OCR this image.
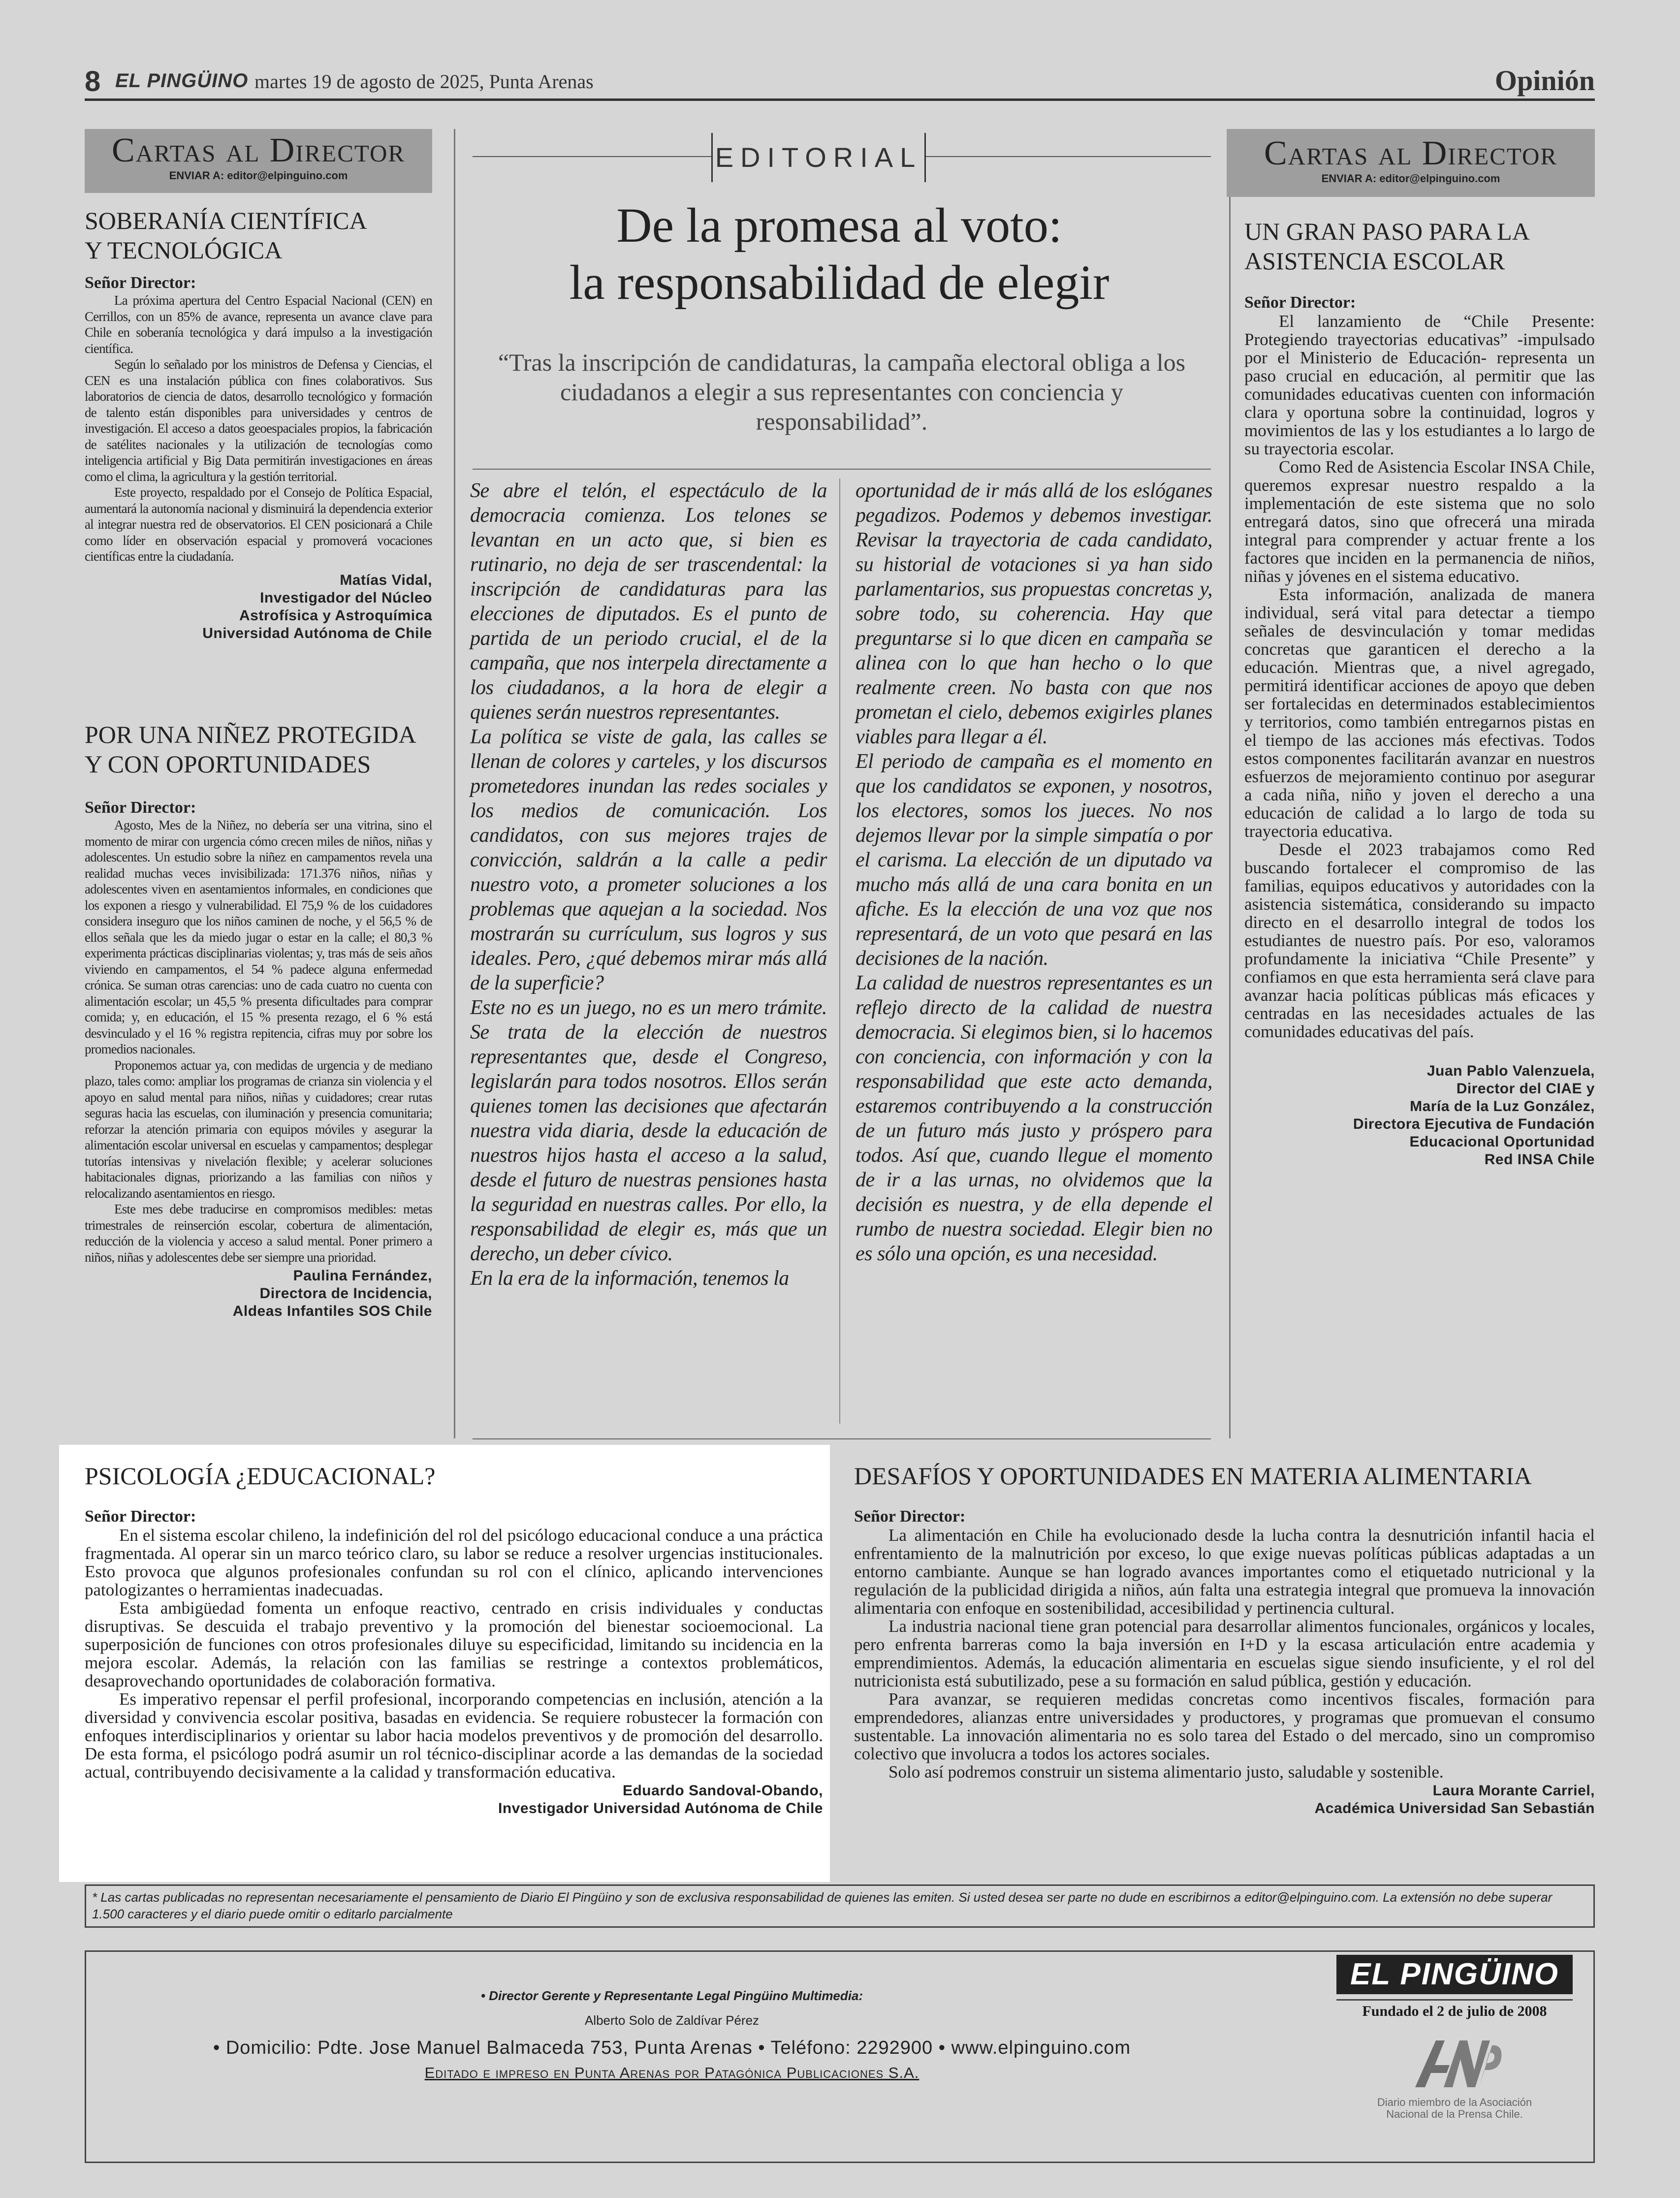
8 EL PINGÜINO martes 19 de agosto de 2025, Punta Arenas	Opinión
Cartas al Director
ENVIAR A: editor@elpinguino.com
SOBERANÍA CIENTÍFICA
Y TECNOLÓGICA
Señor Director:

La próxima apertura del Centro Espacial Nacional (CEN) en Cerrillos, con un 85% de avance, representa un avance clave para Chile en soberanía tecnológica y dará impulso a la investigación científica.

Según lo señalado por los ministros de Defensa y Ciencias, el CEN es una instalación pública con fines colaborativos. Sus laboratorios de ciencia de datos, desarrollo tecnológico y formación de talento están disponibles para universidades y centros de investigación. El acceso a datos geoespaciales propios, la fabricación de satélites nacionales y la utilización de tecnologías como inteligencia artificial y Big Data permitirán investigaciones en áreas como el clima, la agricultura y la gestión territorial.

Este proyecto, respaldado por el Consejo de Política Espacial, aumentará la autonomía nacional y disminuirá la dependencia exterior al integrar nuestra red de observatorios. El CEN posicionará a Chile como líder en observación espacial y promoverá vocaciones científicas entre la ciudadanía.

Matías Vidal,
Investigador del Núcleo
Astrofísica y Astroquímica
Universidad Autónoma de Chile
POR UNA NIÑEZ PROTEGIDA
Y CON OPORTUNIDADES
Señor Director:

Agosto, Mes de la Niñez, no debería ser una vitrina, sino el momento de mirar con urgencia cómo crecen miles de niños, niñas y adolescentes. Un estudio sobre la niñez en campamentos revela una realidad muchas veces invisibilizada: 171.376 niños, niñas y adolescentes viven en asentamientos informales, en condiciones que los exponen a riesgo y vulnerabilidad. El 75,9 % de los cuidadores considera inseguro que los niños caminen de noche, y el 56,5 % de ellos señala que les da miedo jugar o estar en la calle; el 80,3 % experimenta prácticas disciplinarias violentas; y, tras más de seis años viviendo en campamentos, el 54 % padece alguna enfermedad crónica. Se suman otras carencias: uno de cada cuatro no cuenta con alimentación escolar; un 45,5 % presenta dificultades para comprar comida; y, en educación, el 15 % presenta rezago, el 6 % está desvinculado y el 16 % registra repitencia, cifras muy por sobre los promedios nacionales.

Proponemos actuar ya, con medidas de urgencia y de mediano plazo, tales como: ampliar los programas de crianza sin violencia y el apoyo en salud mental para niños, niñas y cuidadores; crear rutas seguras hacia las escuelas, con iluminación y presencia comunitaria; reforzar la atención primaria con equipos móviles y asegurar la alimentación escolar universal en escuelas y campamentos; desplegar tutorías intensivas y nivelación flexible; y acelerar soluciones habitacionales dignas, priorizando a las familias con niños y relocalizando asentamientos en riesgo.

Este mes debe traducirse en compromisos medibles: metas trimestrales de reinserción escolar, cobertura de alimentación, reducción de la violencia y acceso a salud mental. Poner primero a niños, niñas y adolescentes debe ser siempre una prioridad.

Paulina Fernández,
Directora de Incidencia,
Aldeas Infantiles SOS Chile
EDITORIAL
De la promesa al voto:
la responsabilidad de elegir
“Tras la inscripción de candidaturas, la campaña electoral obliga a los ciudadanos a elegir a sus representantes con conciencia y responsabilidad”.

Se abre el telón, el espectáculo de la democracia comienza. Los telones se levantan en un acto que, si bien es rutinario, no deja de ser trascendental: la inscripción de candidaturas para las elecciones de diputados. Es el punto de partida de un periodo crucial, el de la campaña, que nos interpela directamente a los ciudadanos, a la hora de elegir a quienes serán nuestros representantes.

La política se viste de gala, las calles se llenan de colores y carteles, y los discursos prometedores inundan las redes sociales y los medios de comunicación. Los candidatos, con sus mejores trajes de convicción, saldrán a la calle a pedir nuestro voto, a prometer soluciones a los problemas que aquejan a la sociedad. Nos mostrarán su currículum, sus logros y sus ideales. Pero, ¿qué debemos mirar más allá de la superficie?

Este no es un juego, no es un mero trámite. Se trata de la elección de nuestros representantes que, desde el Congreso, legislarán para todos nosotros. Ellos serán quienes tomen las decisiones que afectarán nuestra vida diaria, desde la educación de nuestros hijos hasta el acceso a la salud, desde el futuro de nuestras pensiones hasta la seguridad en nuestras calles. Por ello, la responsabilidad de elegir es, más que un derecho, un deber cívico.

En la era de la información, tenemos la

oportunidad de ir más allá de los eslóganes pegadizos. Podemos y debemos investigar. Revisar la trayectoria de cada candidato, su historial de votaciones si ya han sido parlamentarios, sus propuestas concretas y, sobre todo, su coherencia. Hay que preguntarse si lo que dicen en campaña se alinea con lo que han hecho o lo que realmente creen. No basta con que nos prometan el cielo, debemos exigirles planes viables para llegar a él.

El periodo de campaña es el momento en que los candidatos se exponen, y nosotros, los electores, somos los jueces. No nos dejemos llevar por la simple simpatía o por el carisma. La elección de un diputado va mucho más allá de una cara bonita en un afiche. Es la elección de una voz que nos representará, de un voto que pesará en las decisiones de la nación.

La calidad de nuestros representantes es un reflejo directo de la calidad de nuestra democracia. Si elegimos bien, si lo hacemos con conciencia, con información y con la responsabilidad que este acto demanda, estaremos contribuyendo a la construcción de un futuro más justo y próspero para todos. Así que, cuando llegue el momento de ir a las urnas, no olvidemos que la decisión es nuestra, y de ella depende el rumbo de nuestra sociedad. Elegir bien no es sólo una opción, es una necesidad.

Cartas al Director
ENVIAR A: editor@elpinguino.com
UN GRAN PASO PARA LA
ASISTENCIA ESCOLAR
Señor Director:

El lanzamiento de “Chile Presente: Protegiendo trayectorias educativas” -impulsado por el Ministerio de Educación- representa un paso crucial en educación, al permitir que las comunidades educativas cuenten con información clara y oportuna sobre la continuidad, logros y movimientos de las y los estudiantes a lo largo de su trayectoria escolar.

Como Red de Asistencia Escolar INSA Chile, queremos expresar nuestro respaldo a la implementación de este sistema que no solo entregará datos, sino que ofrecerá una mirada integral para comprender y actuar frente a los factores que inciden en la permanencia de niños, niñas y jóvenes en el sistema educativo.

Esta información, analizada de manera individual, será vital para detectar a tiempo señales de desvinculación y tomar medidas concretas que garanticen el derecho a la educación. Mientras que, a nivel agregado, permitirá identificar acciones de apoyo que deben ser fortalecidas en determinados establecimientos y territorios, como también entregarnos pistas en el tiempo de las acciones más efectivas. Todos estos componentes facilitarán avanzar en nuestros esfuerzos de mejoramiento continuo por asegurar a cada niña, niño y joven el derecho a una educación de calidad a lo largo de toda su trayectoria educativa.

Desde el 2023 trabajamos como Red buscando fortalecer el compromiso de las familias, equipos educativos y autoridades con la asistencia sistemática, considerando su impacto directo en el desarrollo integral de todos los estudiantes de nuestro país. Por eso, valoramos profundamente la iniciativa “Chile Presente” y confiamos en que esta herramienta será clave para avanzar hacia políticas públicas más eficaces y centradas en las necesidades actuales de las comunidades educativas del país.

Juan Pablo Valenzuela,
Director del CIAE y
María de la Luz González,
Directora Ejecutiva de Fundación
Educacional Oportunidad
Red INSA Chile
PSICOLOGÍA ¿EDUCACIONAL?
Señor Director:

En el sistema escolar chileno, la indefinición del rol del psicólogo educacional conduce a una práctica fragmentada. Al operar sin un marco teórico claro, su labor se reduce a resolver urgencias institucionales. Esto provoca que algunos profesionales confundan su rol con el clínico, aplicando intervenciones patologizantes o herramientas inadecuadas.

Esta ambigüedad fomenta un enfoque reactivo, centrado en crisis individuales y conductas disruptivas. Se descuida el trabajo preventivo y la promoción del bienestar socioemocional. La superposición de funciones con otros profesionales diluye su especificidad, limitando su incidencia en la mejora escolar. Además, la relación con las familias se restringe a contextos problemáticos, desaprovechando oportunidades de colaboración formativa.

Es imperativo repensar el perfil profesional, incorporando competencias en inclusión, atención a la diversidad y convivencia escolar positiva, basadas en evidencia. Se requiere robustecer la formación con enfoques interdisciplinarios y orientar su labor hacia modelos preventivos y de promoción del desarrollo. De esta forma, el psicólogo podrá asumir un rol técnico-disciplinar acorde a las demandas de la sociedad actual, contribuyendo decisivamente a la calidad y transformación educativa.

Eduardo Sandoval-Obando,
Investigador Universidad Autónoma de Chile
DESAFÍOS Y OPORTUNIDADES EN MATERIA ALIMENTARIA
Señor Director:

La alimentación en Chile ha evolucionado desde la lucha contra la desnutrición infantil hacia el enfrentamiento de la malnutrición por exceso, lo que exige nuevas políticas públicas adaptadas a un entorno cambiante. Aunque se han logrado avances importantes como el etiquetado nutricional y la regulación de la publicidad dirigida a niños, aún falta una estrategia integral que promueva la innovación alimentaria con enfoque en sostenibilidad, accesibilidad y pertinencia cultural.

La industria nacional tiene gran potencial para desarrollar alimentos funcionales, orgánicos y locales, pero enfrenta barreras como la baja inversión en I+D y la escasa articulación entre academia y emprendimientos. Además, la educación alimentaria en escuelas sigue siendo insuficiente, y el rol del nutricionista está subutilizado, pese a su formación en salud pública, gestión y educación.

Para avanzar, se requieren medidas concretas como incentivos fiscales, formación para emprendedores, alianzas entre universidades y productores, y programas que promuevan el consumo sustentable. La innovación alimentaria no es solo tarea del Estado o del mercado, sino un compromiso colectivo que involucra a todos los actores sociales.

Solo así podremos construir un sistema alimentario justo, saludable y sostenible.

Laura Morante Carriel,
Académica Universidad San Sebastián
* Las cartas publicadas no representan necesariamente el pensamiento de Diario El Pingüino y son de exclusiva responsabilidad de quienes las emiten. Si usted desea ser parte no dude en escribirnos a editor@elpinguino.com. La extensión no debe superar 1.500 caracteres y el diario puede omitir o editarlo parcialmente
• Director Gerente y Representante Legal Pingüino Multimedia:
Alberto Solo de Zaldívar Pérez
• Domicilio: Pdte. Jose Manuel Balmaceda 753, Punta Arenas • Teléfono: 2292900 • www.elpinguino.com
Editado e impreso en Punta Arenas por Patagónica Publicaciones S.A.
EL PINGÜINO
Fundado el 2 de julio de 2008
Diario miembro de la Asociación
Nacional de la Prensa Chile.
